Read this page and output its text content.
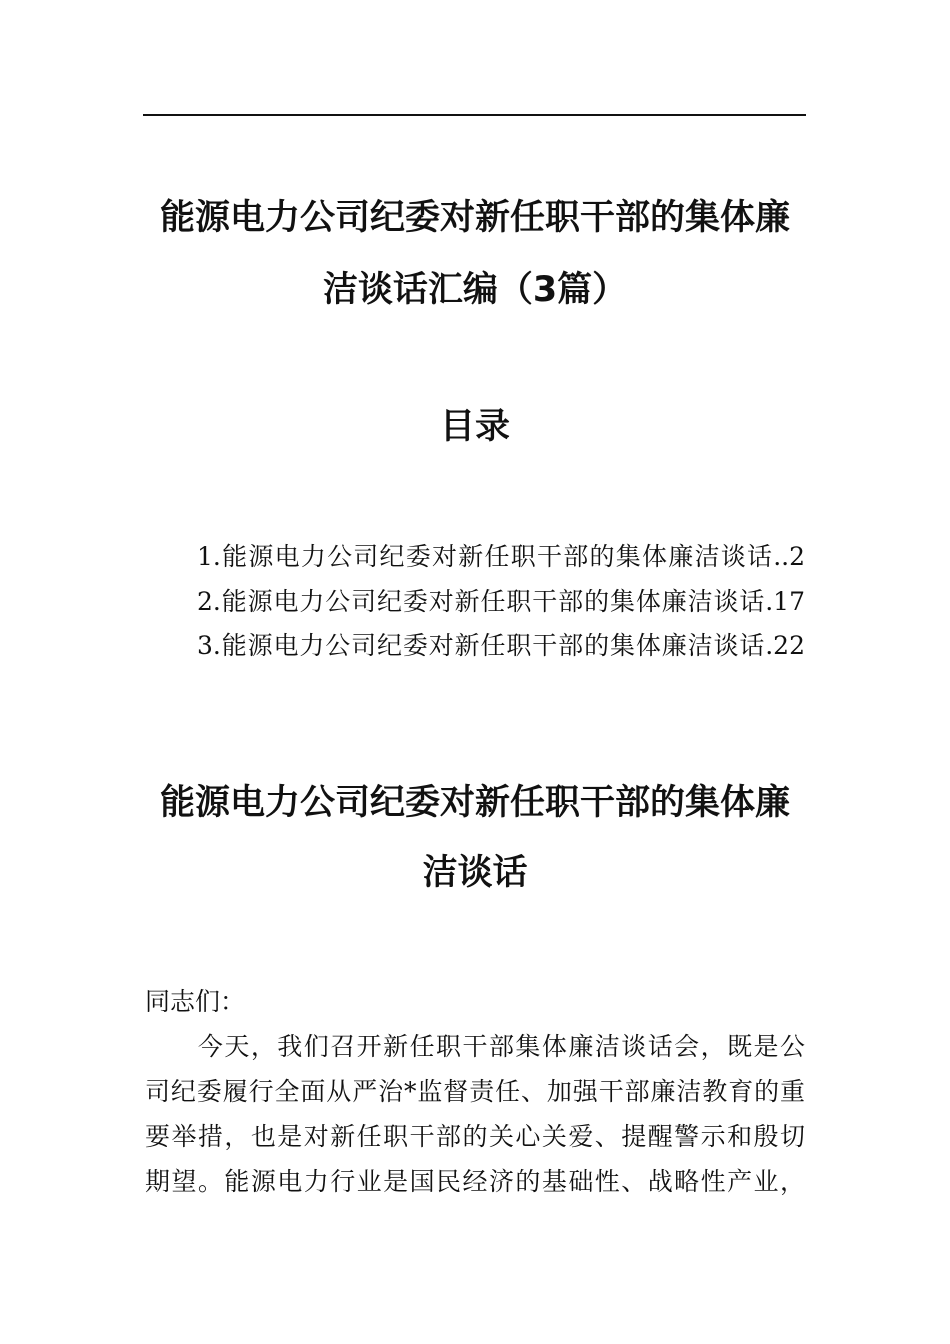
能源电力公司纪委对新任职干部的集体廉
洁谈话汇编（3篇）
目录
1.能源电力公司纪委对新任职干部的集体廉洁谈话..2
2.能源电力公司纪委对新任职干部的集体廉洁谈话.17
3.能源电力公司纪委对新任职干部的集体廉洁谈话.22
能源电力公司纪委对新任职干部的集体廉
洁谈话
同志们：
　　今天，我们召开新任职干部集体廉洁谈话会，既是公
司纪委履行全面从严治*监督责任、加强干部廉洁教育的重
要举措，也是对新任职干部的关心关爱、提醒警示和殷切
期望。能源电力行业是国民经济的基础性、战略性产业，
